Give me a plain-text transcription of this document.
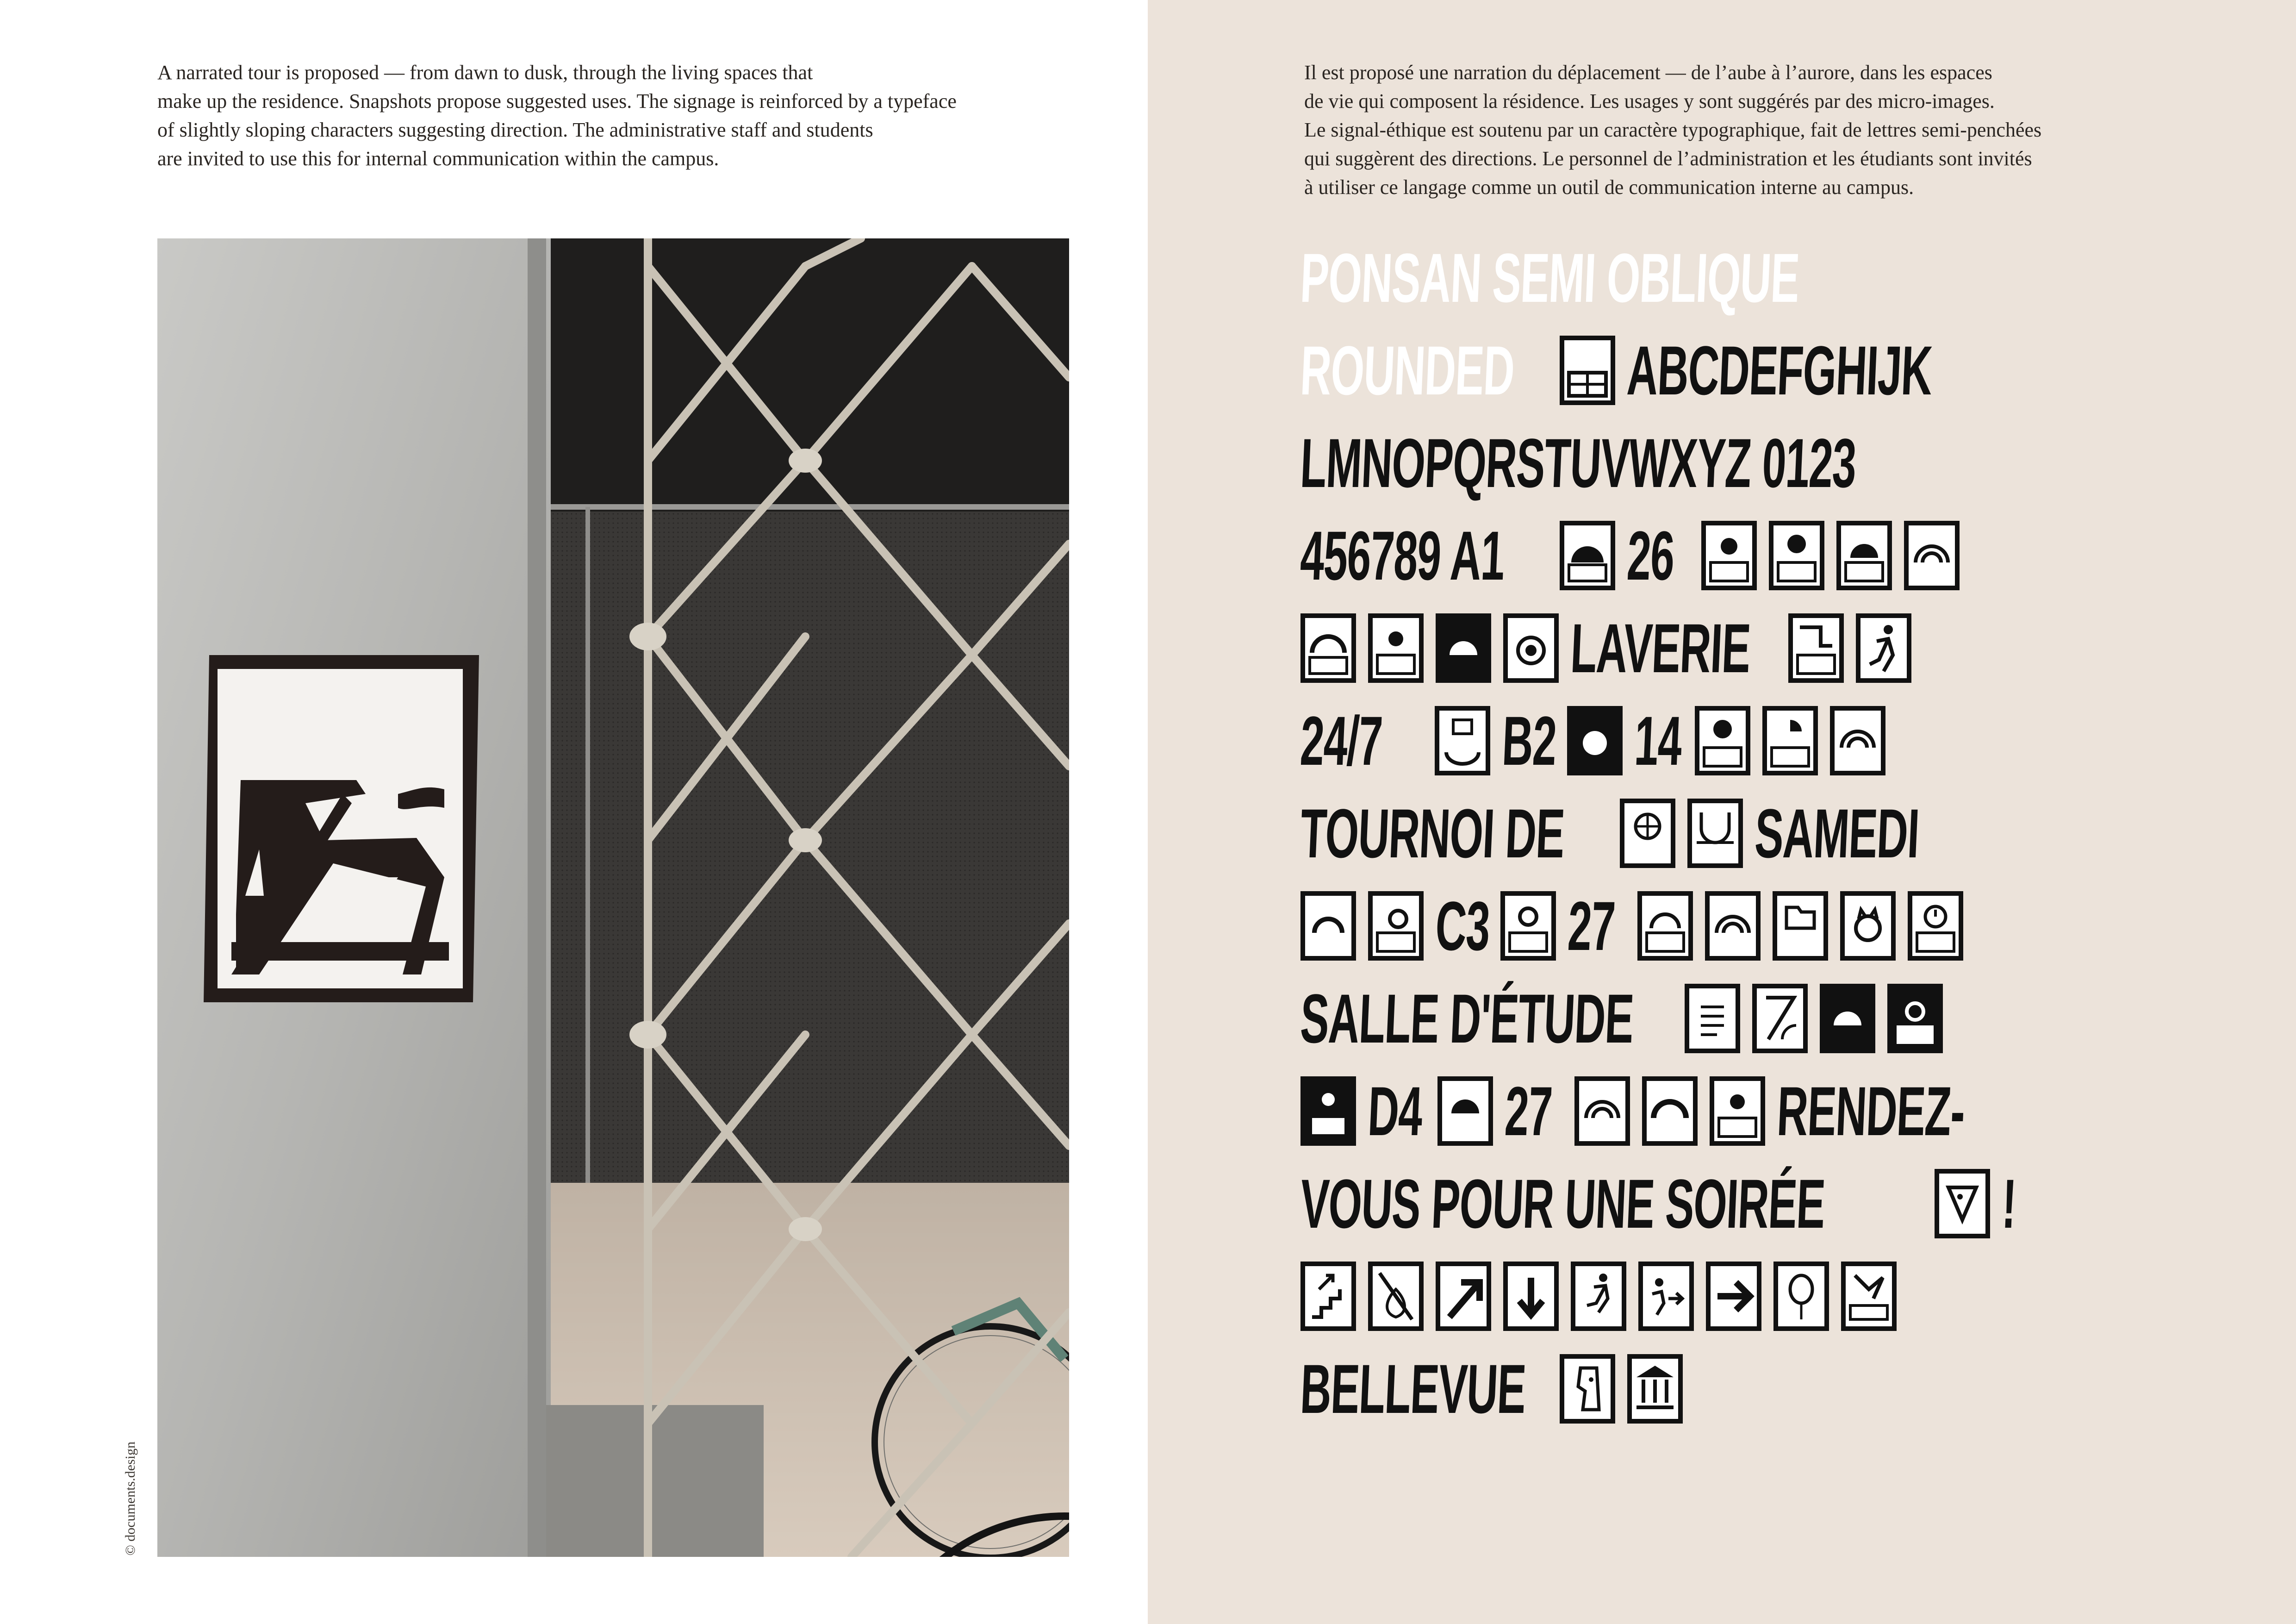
A narrated tour is proposed — from dawn to dusk, through the living spaces that
make up the residence. Snapshots propose suggested uses. The signage is reinforced by a typeface
of slightly sloping characters suggesting direction. The administrative staff and students
are invited to use this for internal communication within the campus.

© documents.design

Il est proposé une narration du déplacement — de l’aube à l’aurore, dans les espaces
de vie qui composent la résidence. Les usages y sont suggérés par des micro-images.
Le signal-éthique est soutenu par un caractère typographique, fait de lettres semi-penchées
qui suggèrent des directions. Le personnel de l’administration et les étudiants sont invités
à utiliser ce langage comme un outil de communication interne au campus.

PONSAN SEMI OBLIQUE
ROUNDED	ABCDEFGHIJK
LMNOPQRSTUVWXYZ 0123
456789 A1	26
LAVERIE
24/7	B2 14
TOURNOI DE	SAMEDI
C3 27
SALLE D'ÉTUDE
D4 27	RENDEZ-
VOUS POUR UNE SOIRÉE	!
BELLEVUE
